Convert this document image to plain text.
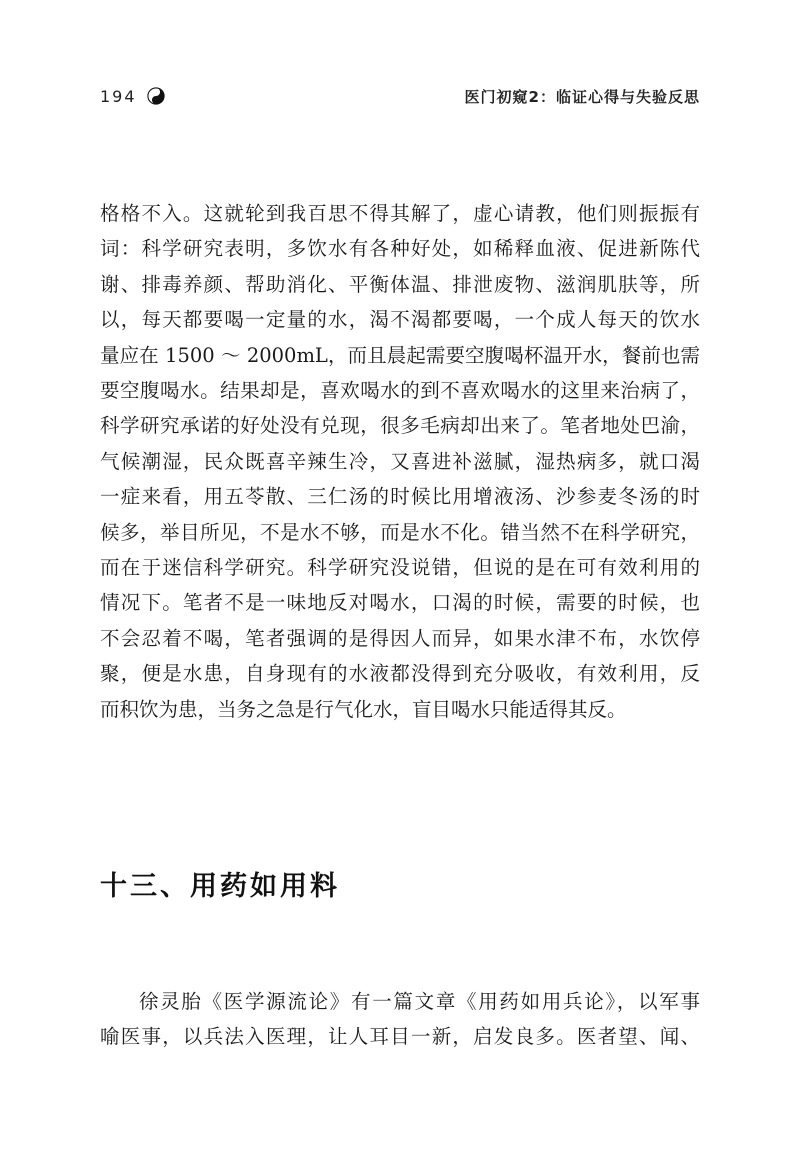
194	医门初窥2：临证心得与失验反思
格格不入。这就轮到我百思不得其解了，虚心请教，他们则振振有
词：科学研究表明，多饮水有各种好处，如稀释血液、促进新陈代
谢、排毒养颜、帮助消化、平衡体温、排泄废物、滋润肌肤等，所
以，每天都要喝一定量的水，渴不渴都要喝，一个成人每天的饮水
量应在 1500 ～ 2000mL，而且晨起需要空腹喝杯温开水，餐前也需
要空腹喝水。结果却是，喜欢喝水的到不喜欢喝水的这里来治病了，
科学研究承诺的好处没有兑现，很多毛病却出来了。笔者地处巴渝，
气候潮湿，民众既喜辛辣生冷，又喜进补滋腻，湿热病多，就口渴
一症来看，用五苓散、三仁汤的时候比用增液汤、沙参麦冬汤的时
候多，举目所见，不是水不够，而是水不化。错当然不在科学研究，
而在于迷信科学研究。科学研究没说错，但说的是在可有效利用的
情况下。笔者不是一味地反对喝水，口渴的时候，需要的时候，也
不会忍着不喝，笔者强调的是得因人而异，如果水津不布，水饮停
聚，便是水患，自身现有的水液都没得到充分吸收，有效利用，反
而积饮为患，当务之急是行气化水，盲目喝水只能适得其反。
十三、用药如用料
徐灵胎《医学源流论》有一篇文章《用药如用兵论》，以军事
喻医事，以兵法入医理，让人耳目一新，启发良多。医者望、闻、
